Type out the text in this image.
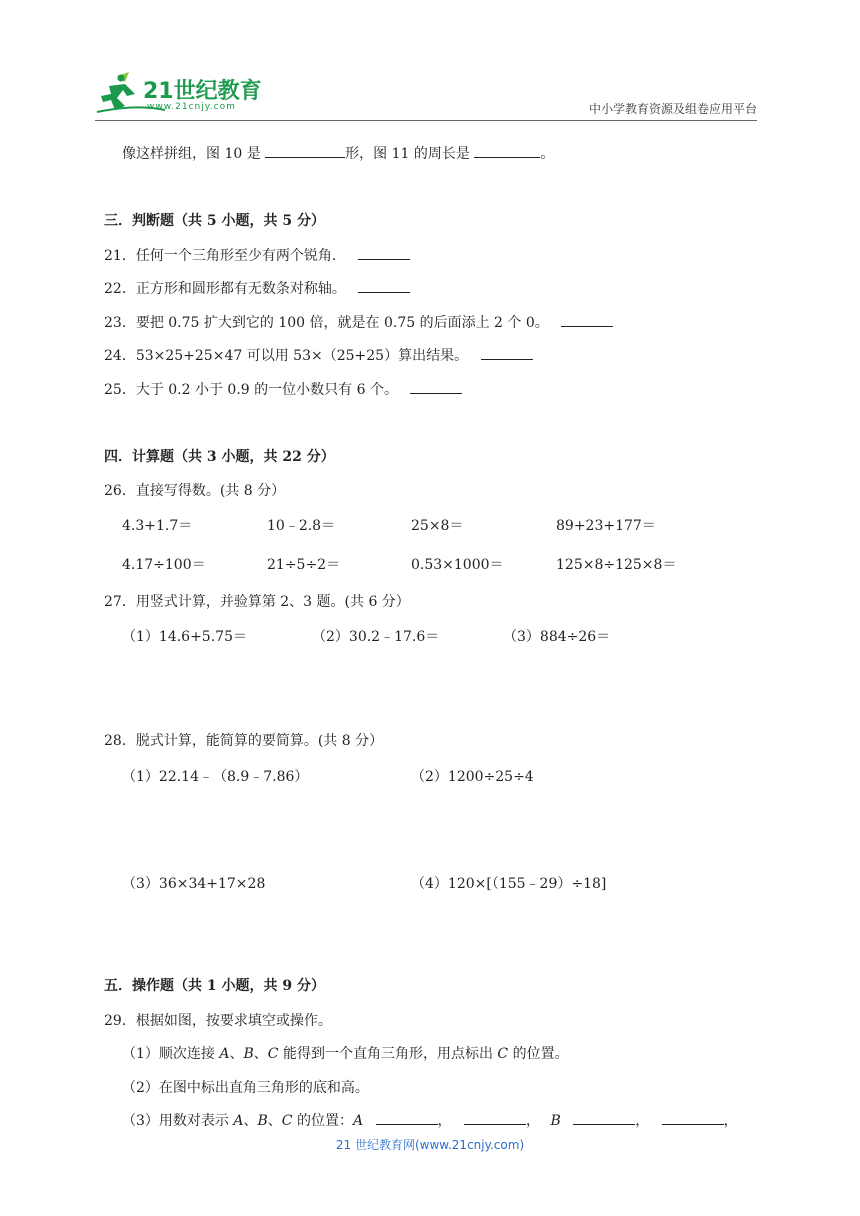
21世纪教育
www.21cnjy.com	中小学教育资源及组卷应用平台
像这样拼组，图 10 是	形，图 11 的周长是	。
三．判断题（共 5 小题，共 5 分）
21．任何一个三角形至少有两个锐角．
22．正方形和圆形都有无数条对称轴。
23．要把 0.75 扩大到它的 100 倍，就是在 0.75 的后面添上 2 个 0。
24．53×25+25×47 可以用 53×（25+25）算出结果。
25．大于 0.2 小于 0.9 的一位小数只有 6 个。
四．计算题（共 3 小题，共 22 分）
26．直接写得数。(共 8 分）
4.3+1.7＝	10﹣2.8＝	25×8＝	89+23+177＝
4.17÷100＝	21÷5÷2＝	0.53×1000＝	125×8÷125×8＝
27．用竖式计算，并验算第 2、3 题。(共 6 分）
（1）14.6+5.75＝	（2）30.2﹣17.6＝	（3）884÷26＝
28．脱式计算，能简算的要简算。(共 8 分）
（1）22.14﹣（8.9﹣7.86）	（2）1200÷25÷4
（3）36×34+17×28	（4）120×[（155﹣29）÷18]
五．操作题（共 1 小题，共 9 分）
29．根据如图，按要求填空或操作。
（1）顺次连接 A、B、C 能得到一个直角三角形，用点标出 C 的位置。
（2）在图中标出直角三角形的底和高。
（3）用数对表示 A、B、C 的位置：A	，	， B	，	，
21 世纪教育网(www.21cnjy.com)
